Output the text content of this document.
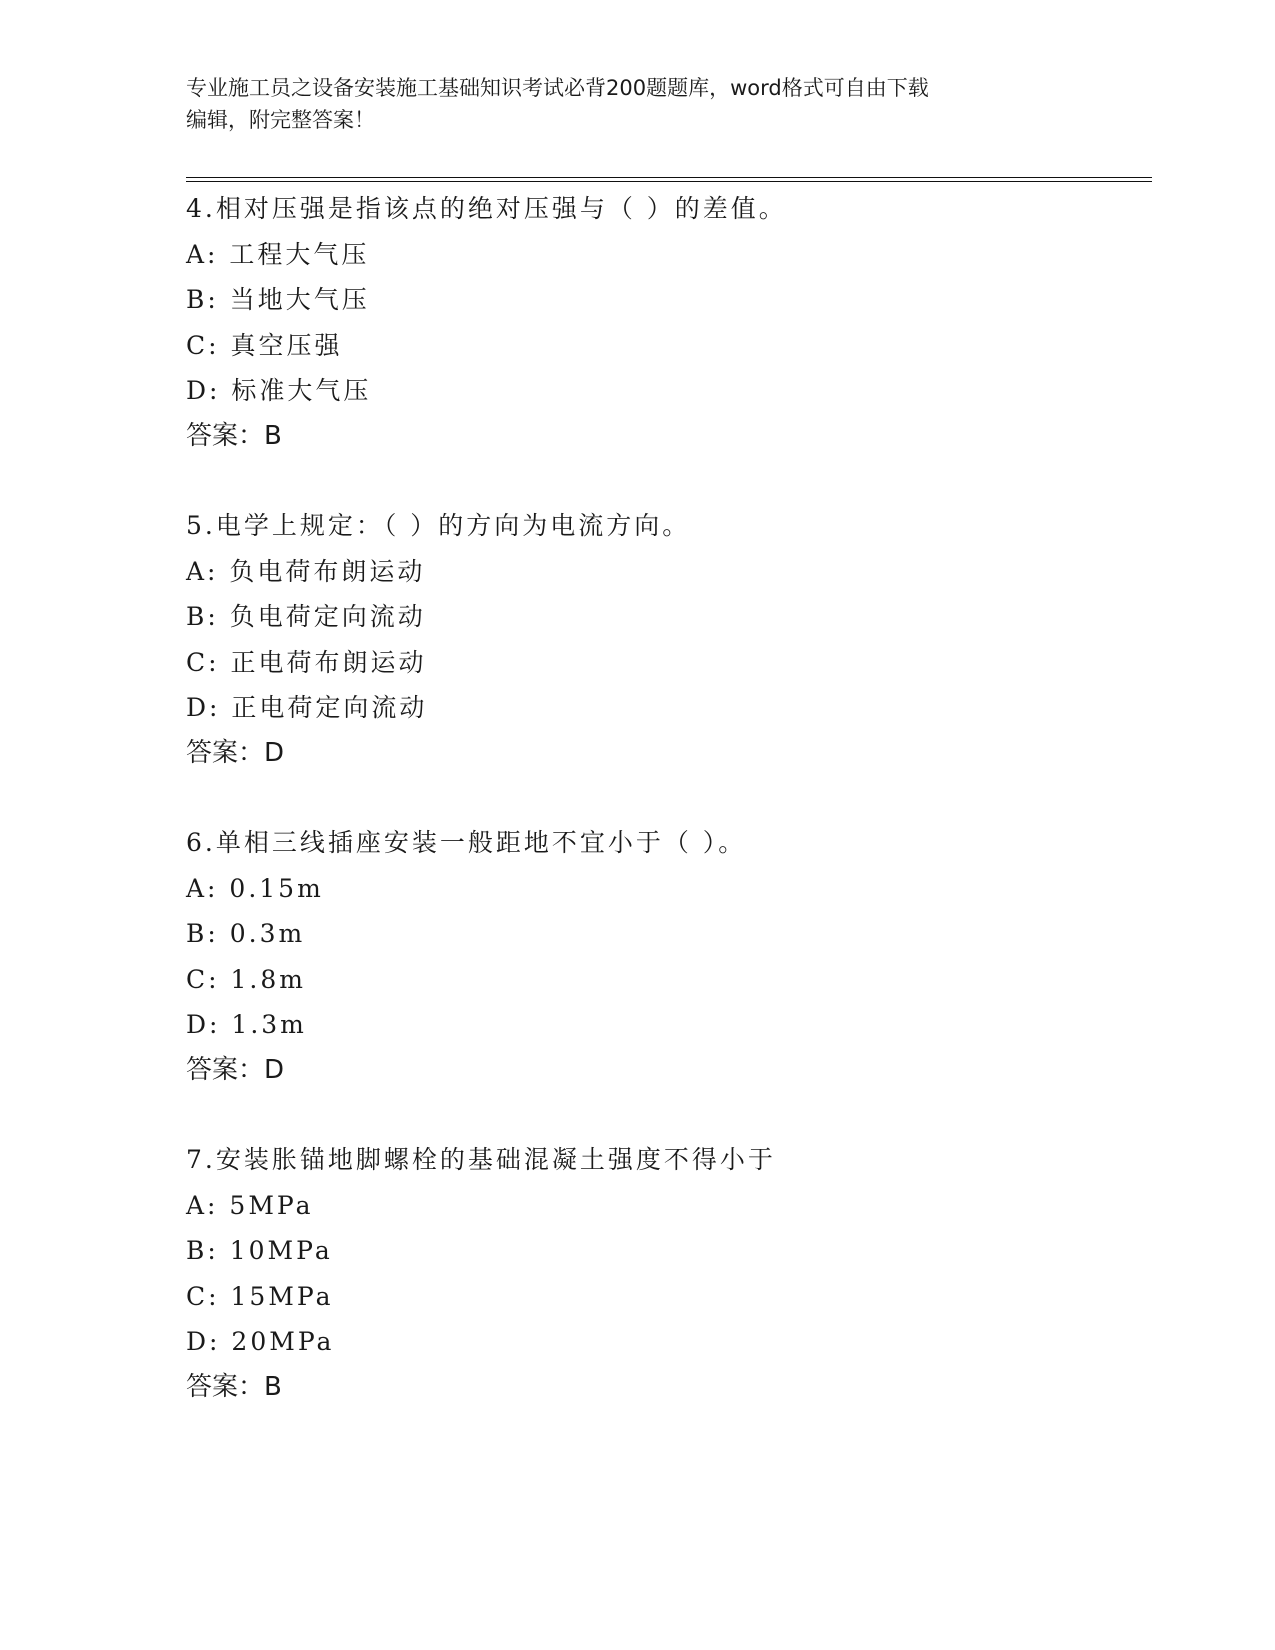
专业施工员之设备安装施工基础知识考试必背200题题库，word格式可自由下载
编辑，附完整答案！
4.相对压强是指该点的绝对压强与（ ）的差值。
A: 工程大气压
B: 当地大气压
C: 真空压强
D: 标准大气压
答案：B
5.电学上规定：（ ）的方向为电流方向。
A: 负电荷布朗运动
B: 负电荷定向流动
C: 正电荷布朗运动
D: 正电荷定向流动
答案：D
6.单相三线插座安装一般距地不宜小于（ ）。
A: 0.15m
B: 0.3m
C: 1.8m
D: 1.3m
答案：D
7.安装胀锚地脚螺栓的基础混凝土强度不得小于
A: 5MPa
B: 10MPa
C: 15MPa
D: 20MPa
答案：B
